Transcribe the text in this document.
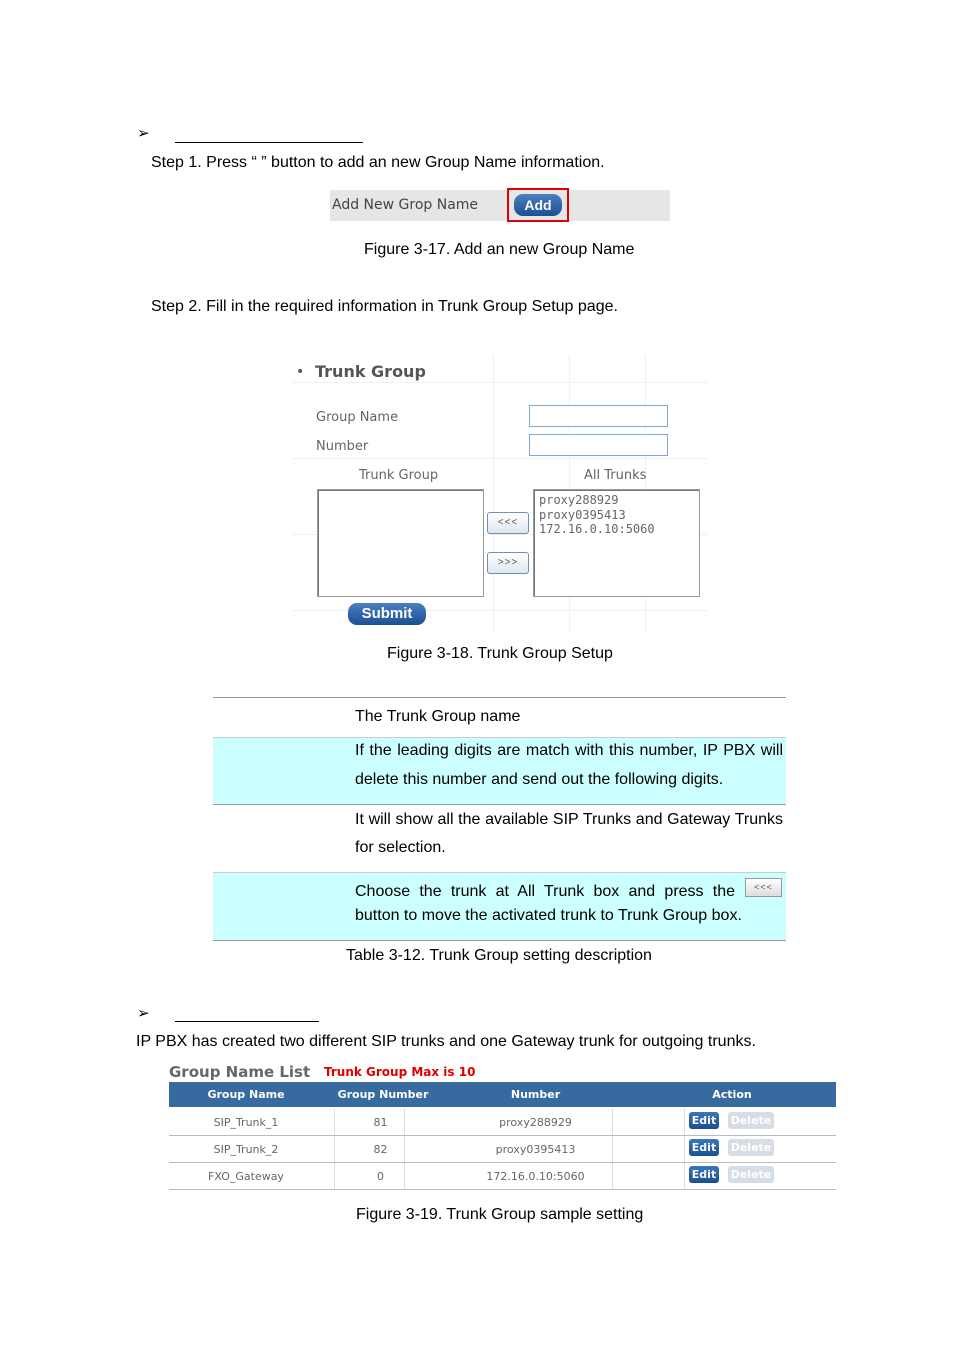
➢
Step 1. Press “ ” button to add an new Group Name information.
Add New Grop Name	Add
Figure 3-17. Add an new Group Name
Step 2. Fill in the required information in Trunk Group Setup page.
• Trunk Group
Group Name
Number
Trunk Group	All Trunks
proxy288929
proxy0395413
172.16.0.10:5060
<<<
>>>
Submit
Figure 3-18. Trunk Group Setup
The Trunk Group name
If the leading digits are match with this number, IP PBX will
delete this number and send out the following digits.
It will show all the available SIP Trunks and Gateway Trunks
for selection.
Choose  the  trunk  at  All  Trunk  box  and  press  the	<<<
button to move the activated trunk to Trunk Group box.
Table 3-12. Trunk Group setting description
➢
IP PBX has created two different SIP trunks and one Gateway trunk for outgoing trunks.
Group Name List Trunk Group Max is 10
Group Name	Group Number	Number	Action
SIP_Trunk_1	81	proxy288929	Edit Delete
SIP_Trunk_2	82	proxy0395413	Edit Delete
FXO_Gateway	0	172.16.0.10:5060	Edit Delete
Figure 3-19. Trunk Group sample setting
